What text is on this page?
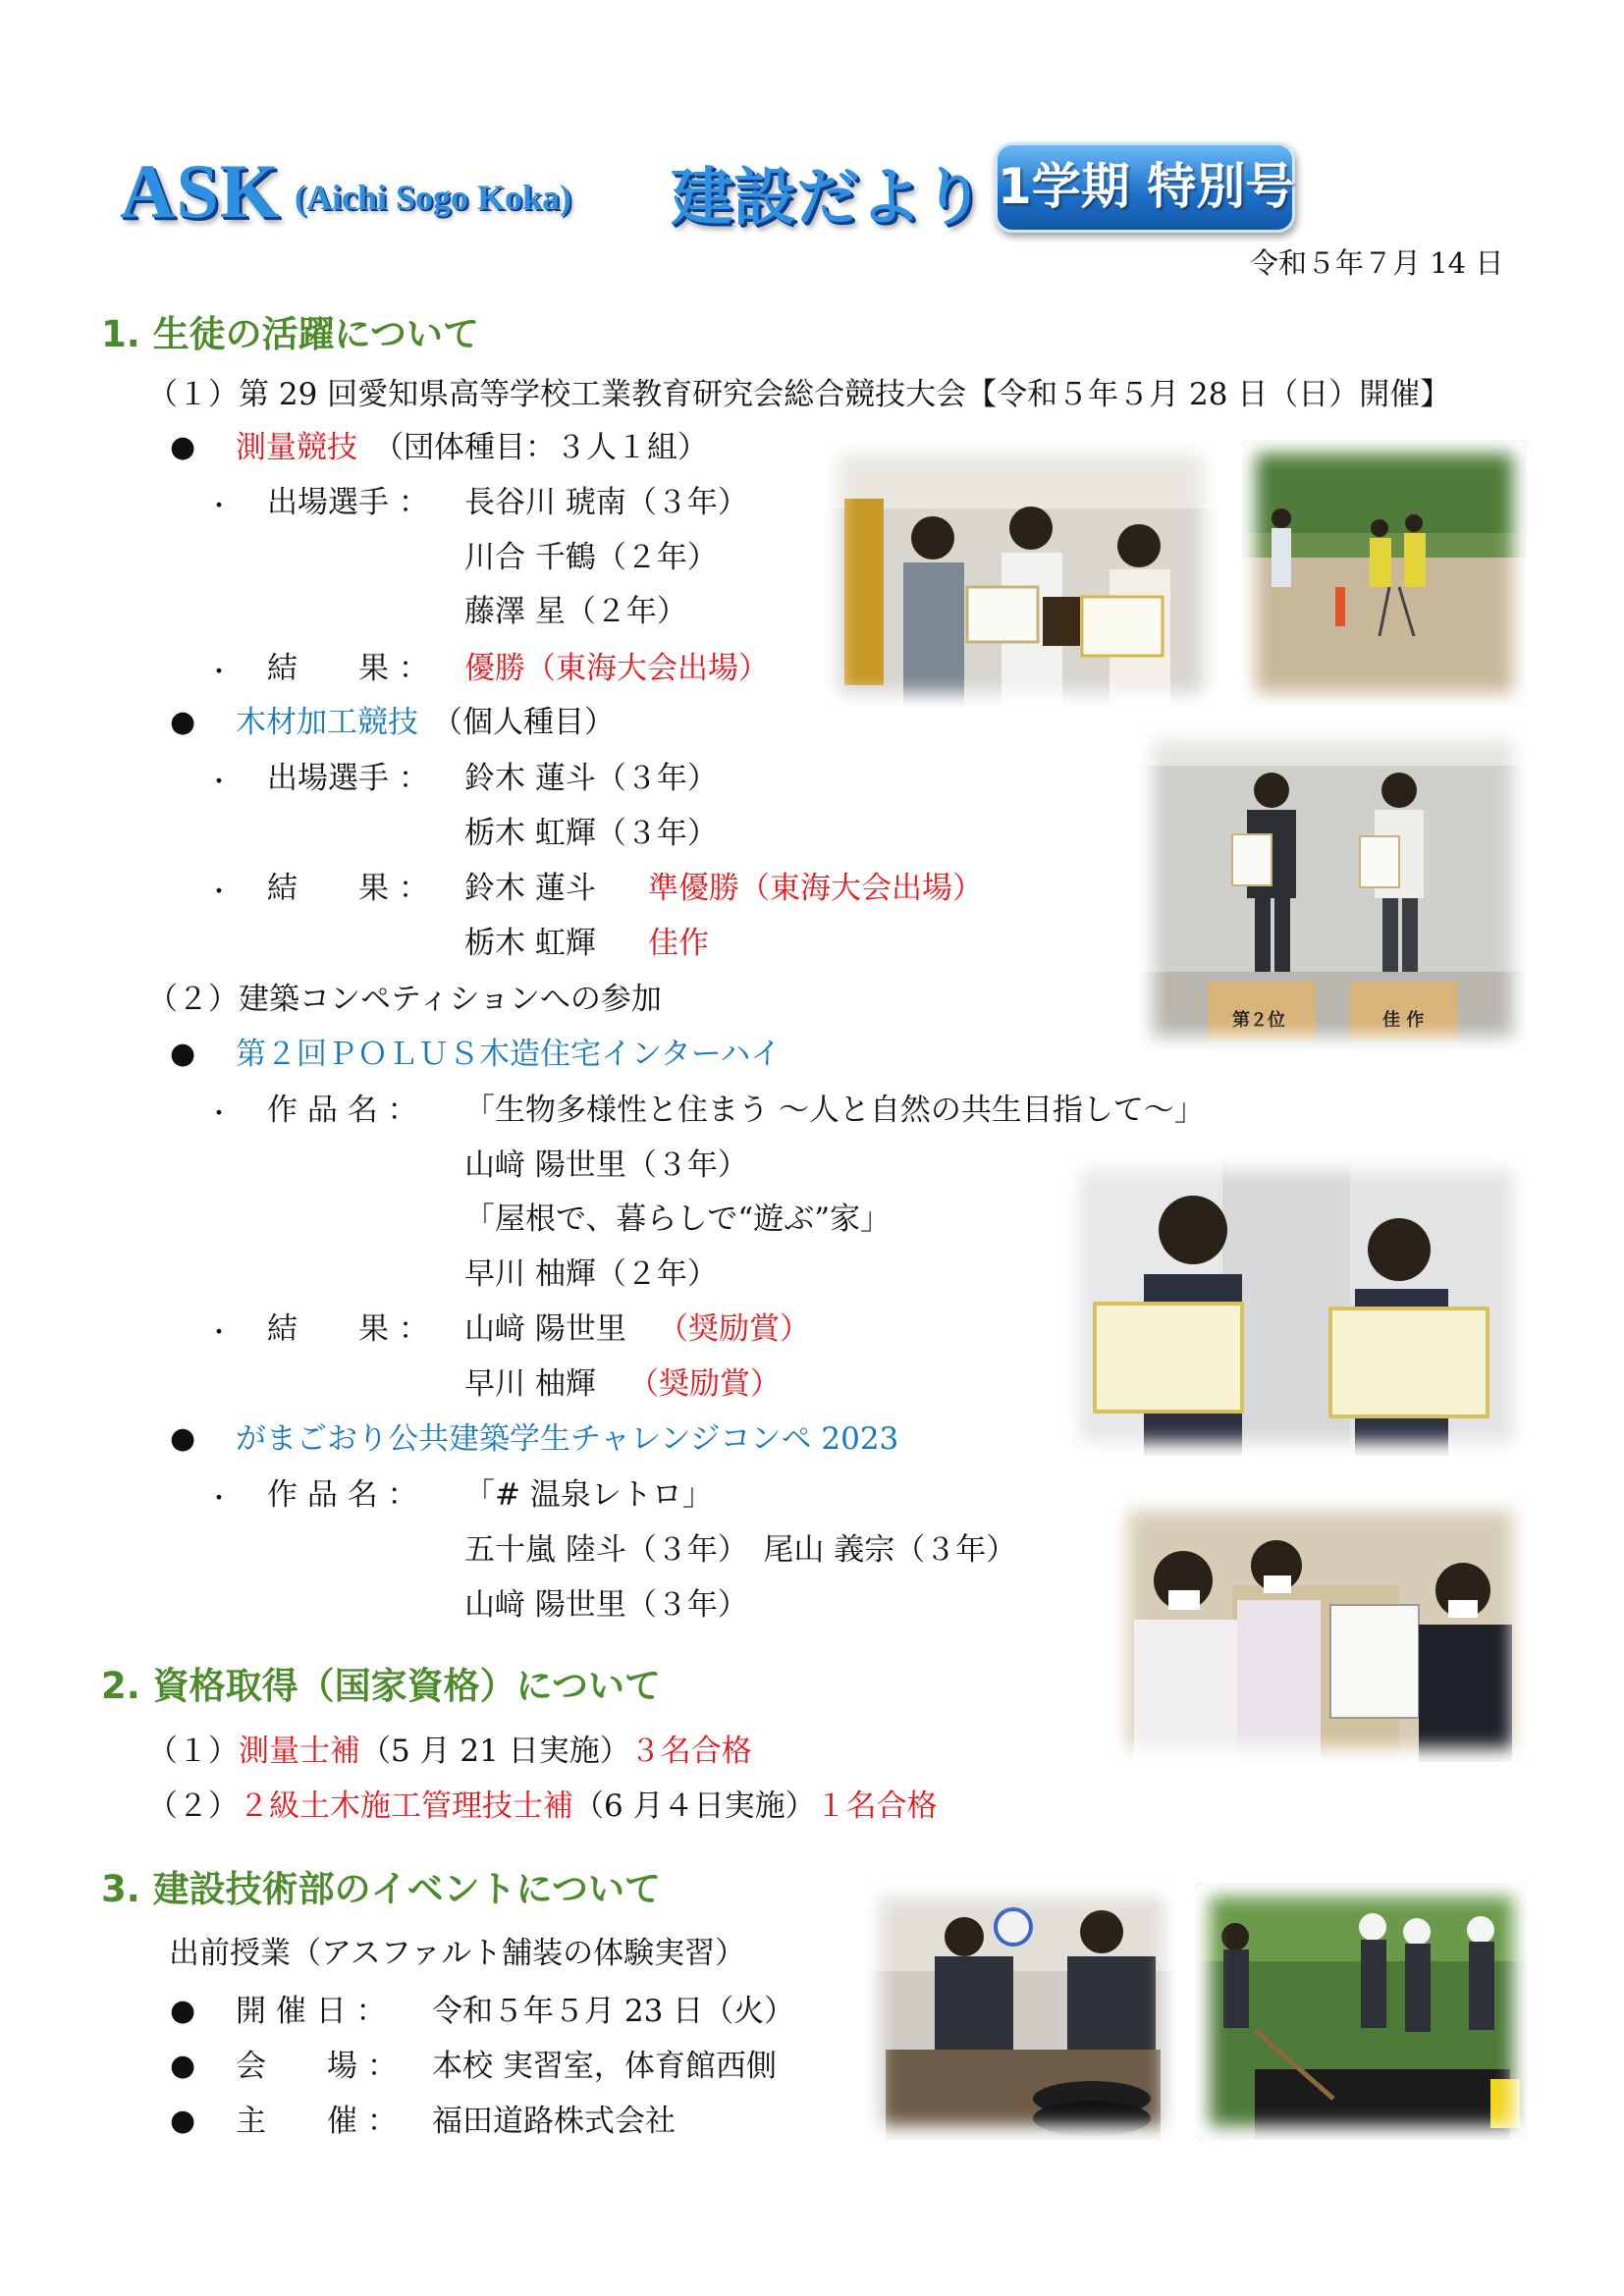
ASK (Aichi Sogo Koka) 建設だより 1学期 特別号
令和５年７月 14 日
1. 生徒の活躍について
（１）第 29 回愛知県高等学校工業教育研究会総合競技大会【令和５年５月 28 日（日）開催】
● 測量競技 （団体種目：３人１組）
・ 出場選手 ： 長谷川 琥南（３年）
川合 千鶴（２年）
藤澤 星（２年）
・ 結　　果 ： 優勝（東海大会出場）
● 木材加工競技 （個人種目）
・ 出場選手 ： 鈴木 蓮斗（３年）
栃木 虹輝（３年）
・ 結　　果 ： 鈴木 蓮斗 準優勝（東海大会出場）
栃木 虹輝 佳作
（２）建築コンペティションへの参加
● 第２回ＰＯＬＵＳ木造住宅インターハイ
・ 作 品 名 ： 「生物多様性と住まう 〜人と自然の共生目指して〜」
山﨑 陽世里（３年）
「屋根で、暮らしで“遊ぶ”家」
早川 柚輝（２年）
・ 結　　果 ： 山﨑 陽世里 （奨励賞）
早川 柚輝 （奨励賞）
● がまごおり公共建築学生チャレンジコンペ 2023
・ 作 品 名 ： 「# 温泉レトロ」
五十嵐 陸斗（３年）　尾山 義宗（３年）
山﨑 陽世里（３年）
2. 資格取得（国家資格）について
（１）測量士補（5 月 21 日実施）３名合格
（２）２級土木施工管理技士補（6 月４日実施）１名合格
3. 建設技術部のイベントについて
出前授業（アスファルト舗装の体験実習）
● 開 催 日 ： 令和５年５月 23 日（火）
● 会　　場 ： 本校 実習室，体育館西側
● 主　　催 ： 福田道路株式会社
第２位	佳 作
